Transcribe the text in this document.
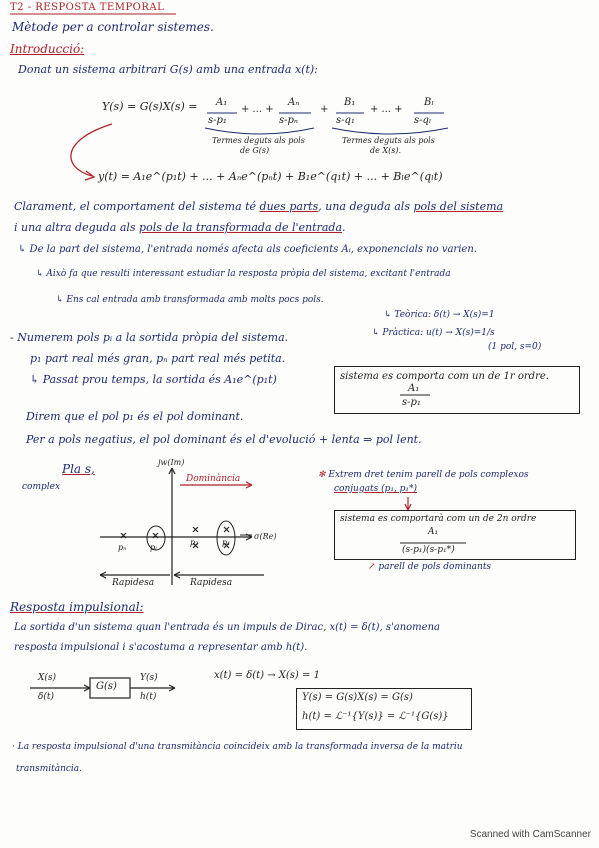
T2 - RESPOSTA TEMPORAL
Mètode per a controlar sistemes.
Introducció:
Donat un sistema arbitrari G(s) amb una entrada x(t):
Y(s) = G(s)X(s) = A₁
s-p₁
+ ... +
Aₙ
s-pₙ
+
B₁
s-q₁
+ ... +
Bₗ
s-qₗ
Termes deguts als pols
de G(s)
Termes deguts als pols
de X(s).
y(t) = A₁e^(p₁t) + ... + Aₙe^(pₙt) + B₁e^(q₁t) + ... + Bₗe^(qₗt)
Clarament, el comportament del sistema té dues parts, una deguda als pols del sistema
i una altra deguda als pols de la transformada de l'entrada.
↳ De la part del sistema, l'entrada només afecta als coeficients Aᵢ, exponencials no varien.
↳ Això fa que resulti interessant estudiar la resposta pròpia del sistema, excitant l'entrada
↳ Ens cal entrada amb transformada amb molts pocs pols.
↳ Teòrica: δ(t) → X(s)=1
↳ Pràctica: u(t) → X(s)=1/s
(1 pol, s=0)
- Numerem pols pᵢ a la sortida pròpia del sistema.
p₁ part real més gran, pₙ part real més petita.
↳ Passat prou temps, la sortida és A₁e^(p₁t)	sistema es comporta com un de 1r ordre.
A₁
s-p₁
Direm que el pol p₁ és el pol dominant.
Per a pols negatius, el pol dominant és el d'evolució + lenta ⇒ pol lent.
Pla s,
complex
jw(Im)
Dominància
σ(Re)
pₙ	pₗ
p₂	p₁
Rapidesa	Rapidesa
✻ Extrem dret tenim parell de pols complexos
conjugats (p₁, p₁*)
sistema es comportarà com un de 2n ordre
A₁
(s-p₁)(s-p₁*)
↗ parell de pols dominants
Resposta impulsional:
La sortida d'un sistema quan l'entrada és un impuls de Dirac, x(t) = δ(t), s'anomena
resposta impulsional i s'acostuma a representar amb h(t).
X(s)
δ(t)
G(s)
Y(s)
h(t)
x(t) = δ(t) → X(s) = 1
Y(s) = G(s)X(s) = G(s)
h(t) = ℒ⁻¹{Y(s)} = ℒ⁻¹{G(s)}
· La resposta impulsional d'una transmitància coincideix amb la transformada inversa de la matriu
transmitància.
Scanned with CamScanner
